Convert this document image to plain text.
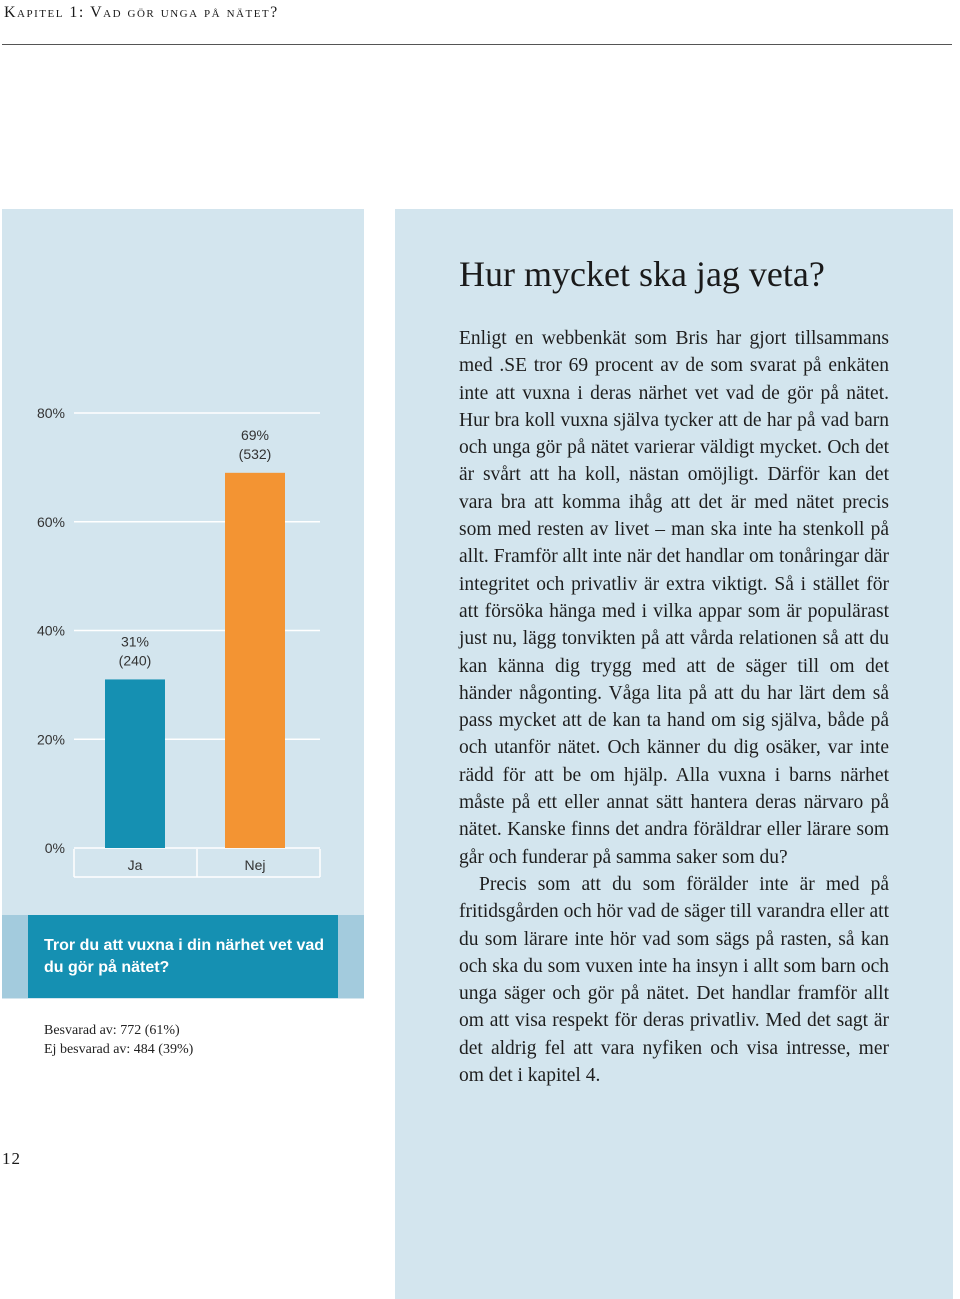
Kapitel 1: Vad gör unga på nätet?
0%
20%
40%
60%
80%
31%
(240)
Ja
69%
(532)
Nej
Tror du att vuxna i din närhet vet vad du gör på nätet?
Besvarad av: 772 (61%)
Ej besvarad av: 484 (39%)
12
Hur mycket ska jag veta?

Enligt en webbenkät som Bris har gjort tillsammans med .SE tror 69 procent av de som svarat på enkäten inte att vuxna i deras närhet vet vad de gör på nätet. Hur bra koll vuxna själva tycker att de har på vad barn och unga gör på nätet varierar väldigt mycket. Och det är svårt att ha koll, nästan omöjligt. Därför kan det vara bra att komma ihåg att det är med nätet precis som med resten av livet – man ska inte ha stenkoll på allt. Framför allt inte när det handlar om tonåringar där integritet och privatliv är extra viktigt. Så i stället för att försöka hänga med i vilka appar som är populärast just nu, lägg tonvikten på att vårda relationen så att du kan känna dig trygg med att de säger till om det händer någonting. Våga lita på att du har lärt dem så pass mycket att de kan ta hand om sig själva, både på och utanför nätet. Och känner du dig osäker, var inte rädd för att be om hjälp. Alla vuxna i barns närhet måste på ett eller annat sätt hantera deras närvaro på nätet. Kanske finns det andra föräldrar eller lärare som går och funderar på samma saker som du?

Precis som att du som förälder inte är med på fritidsgården och hör vad de säger till varandra eller att du som lärare inte hör vad som sägs på rasten, så kan och ska du som vuxen inte ha insyn i allt som barn och unga säger och gör på nätet. Det handlar framför allt om att visa respekt för deras privatliv. Med det sagt är det aldrig fel att vara nyfiken och visa intresse, mer om det i kapitel 4.
